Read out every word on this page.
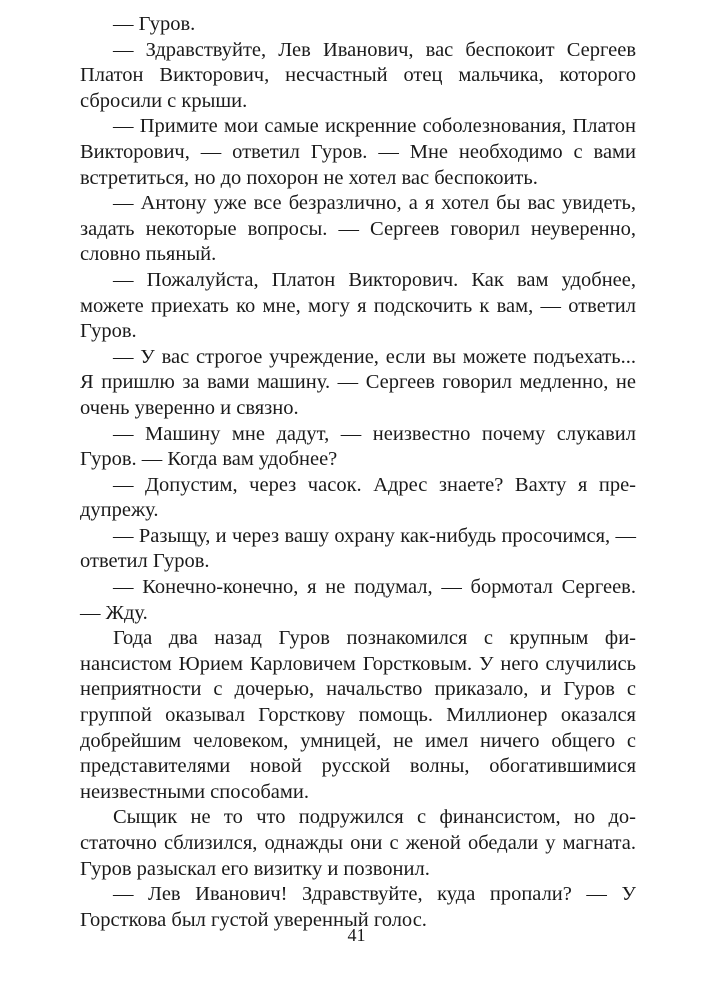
— Гуров.

— Здравствуйте, Лев Иванович, вас беспокоит Сергеев Платон Викторович, несчастный отец мальчика, которого сбросили с крыши.

— Примите мои самые искренние соболезнования, Платон Викторович, — ответил Гуров. — Мне необходимо с вами встретиться, но до похорон не хотел вас беспокоить.

— Антону уже все безразлично, а я хотел бы вас увидеть, задать некоторые вопросы. — Сергеев говорил неуверенно, словно пьяный.

— Пожалуйста, Платон Викторович. Как вам удобнее, можете приехать ко мне, могу я подскочить к вам, — ответил Гуров.

— У вас строгое учреждение, если вы можете подъехать... Я пришлю за вами машину. — Сергеев говорил медленно, не очень уверенно и связно.

— Машину мне дадут, — неизвестно почему слукавил Гуров. — Когда вам удобнее?

— Допустим, через часок. Адрес знаете? Вахту я предупрежу.

— Разыщу, и через вашу охрану как-нибудь просочимся, — ответил Гуров.

— Конечно-конечно, я не подумал, — бормотал Сергеев. — Жду.

Года два назад Гуров познакомился с крупным финансистом Юрием Карловичем Горстковым. У него случились неприятности с дочерью, начальство приказало, и Гуров с группой оказывал Горсткову помощь. Миллионер оказался добрейшим человеком, умницей, не имел ничего общего с представителями новой русской волны, обогатившимися неизвестными способами.

Сыщик не то что подружился с финансистом, но достаточно сблизился, однажды они с женой обедали у магната. Гуров разыскал его визитку и позвонил.

— Лев Иванович! Здравствуйте, куда пропали? — У Горсткова был густой уверенный голос.

41
